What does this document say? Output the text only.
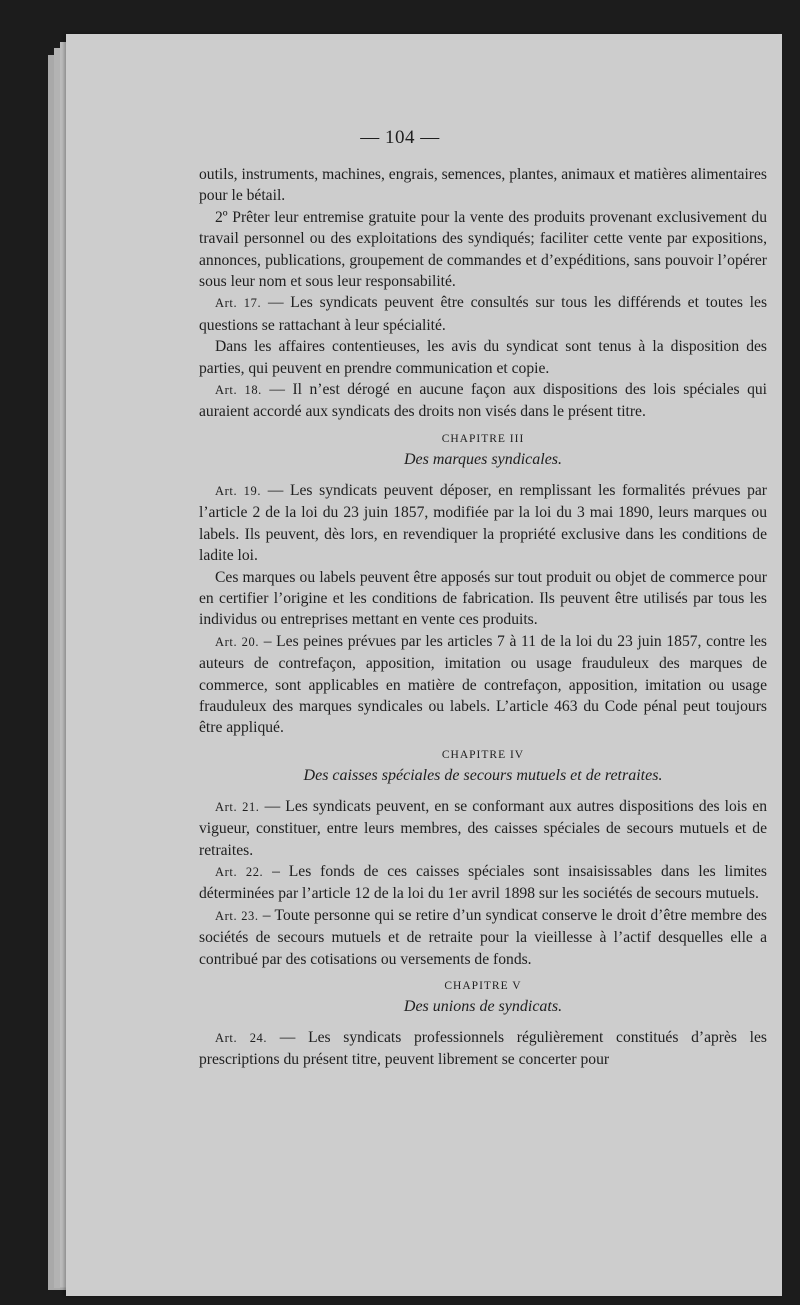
— 104 —

outils, instruments, machines, engrais, semences, plantes, animaux et matières alimentaires pour le bétail.

2º Prêter leur entremise gratuite pour la vente des produits provenant exclusivement du travail personnel ou des exploitations des syndiqués; faciliter cette vente par expositions, annonces, publications, groupement de commandes et d’expéditions, sans pouvoir l’opérer sous leur nom et sous leur responsabilité.

Art. 17. — Les syndicats peuvent être consultés sur tous les différends et toutes les questions se rattachant à leur spécialité.

Dans les affaires contentieuses, les avis du syndicat sont tenus à la disposition des parties, qui peuvent en prendre communication et copie.

Art. 18. — Il n’est dérogé en aucune façon aux dispositions des lois spéciales qui auraient accordé aux syndicats des droits non visés dans le présent titre.

CHAPITRE III

Des marques syndicales.

Art. 19. — Les syndicats peuvent déposer, en remplissant les formalités prévues par l’article 2 de la loi du 23 juin 1857, modifiée par la loi du 3 mai 1890, leurs marques ou labels. Ils peuvent, dès lors, en revendiquer la propriété exclusive dans les conditions de ladite loi.

Ces marques ou labels peuvent être apposés sur tout produit ou objet de commerce pour en certifier l’origine et les conditions de fabrication. Ils peuvent être utilisés par tous les individus ou entreprises mettant en vente ces produits.

Art. 20. – Les peines prévues par les articles 7 à 11 de la loi du 23 juin 1857, contre les auteurs de contrefaçon, apposition, imitation ou usage frauduleux des marques de commerce, sont applicables en matière de contrefaçon, apposition, imitation ou usage frauduleux des marques syndicales ou labels. L’article 463 du Code pénal peut toujours être appliqué.

CHAPITRE IV

Des caisses spéciales de secours mutuels et de retraites.

Art. 21. — Les syndicats peuvent, en se conformant aux autres dispositions des lois en vigueur, constituer, entre leurs membres, des caisses spéciales de secours mutuels et de retraites.

Art. 22. – Les fonds de ces caisses spéciales sont insaisissables dans les limites déterminées par l’article 12 de la loi du 1er avril 1898 sur les sociétés de secours mutuels.

Art. 23. – Toute personne qui se retire d’un syndicat conserve le droit d’être membre des sociétés de secours mutuels et de retraite pour la vieillesse à l’actif desquelles elle a contribué par des cotisations ou versements de fonds.

CHAPITRE V

Des unions de syndicats.

Art. 24. — Les syndicats professionnels régulièrement constitués d’après les prescriptions du présent titre, peuvent librement se concerter pour
